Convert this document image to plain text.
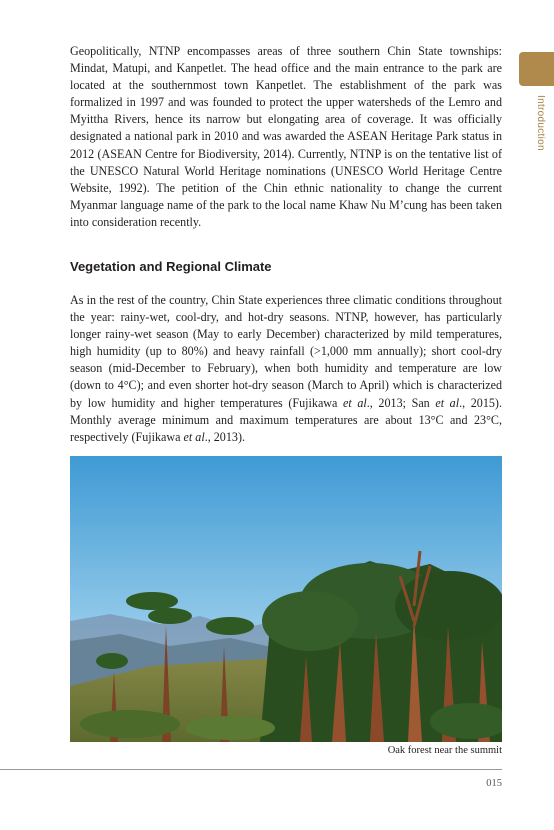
Introduction

Geopolitically, NTNP encompasses areas of three southern Chin State townships: Mindat, Matupi, and Kanpetlet. The head office and the main entrance to the park are located at the southernmost town Kanpetlet. The establishment of the park was formalized in 1997 and was founded to protect the upper watersheds of the Lemro and Myittha Rivers, hence its narrow but elongating area of coverage. It was officially designated a national park in 2010 and was awarded the ASEAN Heritage Park status in 2012 (ASEAN Centre for Biodiversity, 2014). Currently, NTNP is on the tentative list of the UNESCO Natural World Heritage nominations (UNESCO World Heritage Centre Website, 1992). The petition of the Chin ethnic nationality to change the current Myanmar language name of the park to the local name Khaw Nu M’cung has been taken into consideration recently.

Vegetation and Regional Climate

As in the rest of the country, Chin State experiences three climatic conditions throughout the year: rainy-wet, cool-dry, and hot-dry seasons. NTNP, however, has particularly longer rainy-wet season (May to early December) characterized by mild temperatures, high humidity (up to 80%) and heavy rainfall (>1,000 mm annually); short cool-dry season (mid-December to February), when both humidity and temperature are low (down to 4°C); and even shorter hot-dry season (March to April) which is characterized by low humidity and higher temperatures (Fujikawa et al., 2013; San et al., 2015). Monthly average minimum and maximum temperatures are about 13°C and 23°C, respectively (Fujikawa et al., 2013).

Oak forest near the summit

015
